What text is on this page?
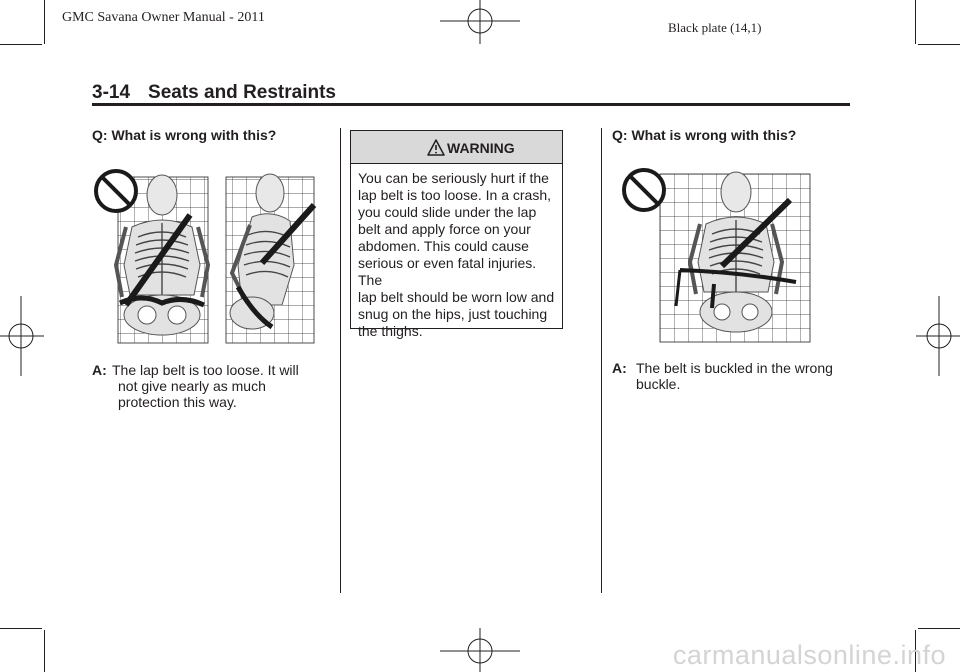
GMC Savana Owner Manual - 2011
Black plate (14,1)
3-14 Seats and Restraints
Q: What is wrong with this?
A: The lap belt is too loose. It will
not give nearly as much
protection this way.
WARNING
You can be seriously hurt if the
lap belt is too loose. In a crash,
you could slide under the lap
belt and apply force on your
abdomen. This could cause
serious or even fatal injuries. The
lap belt should be worn low and
snug on the hips, just touching
the thighs.
Q: What is wrong with this?
A: The belt is buckled in the wrong
buckle.
carmanualsonline.info
